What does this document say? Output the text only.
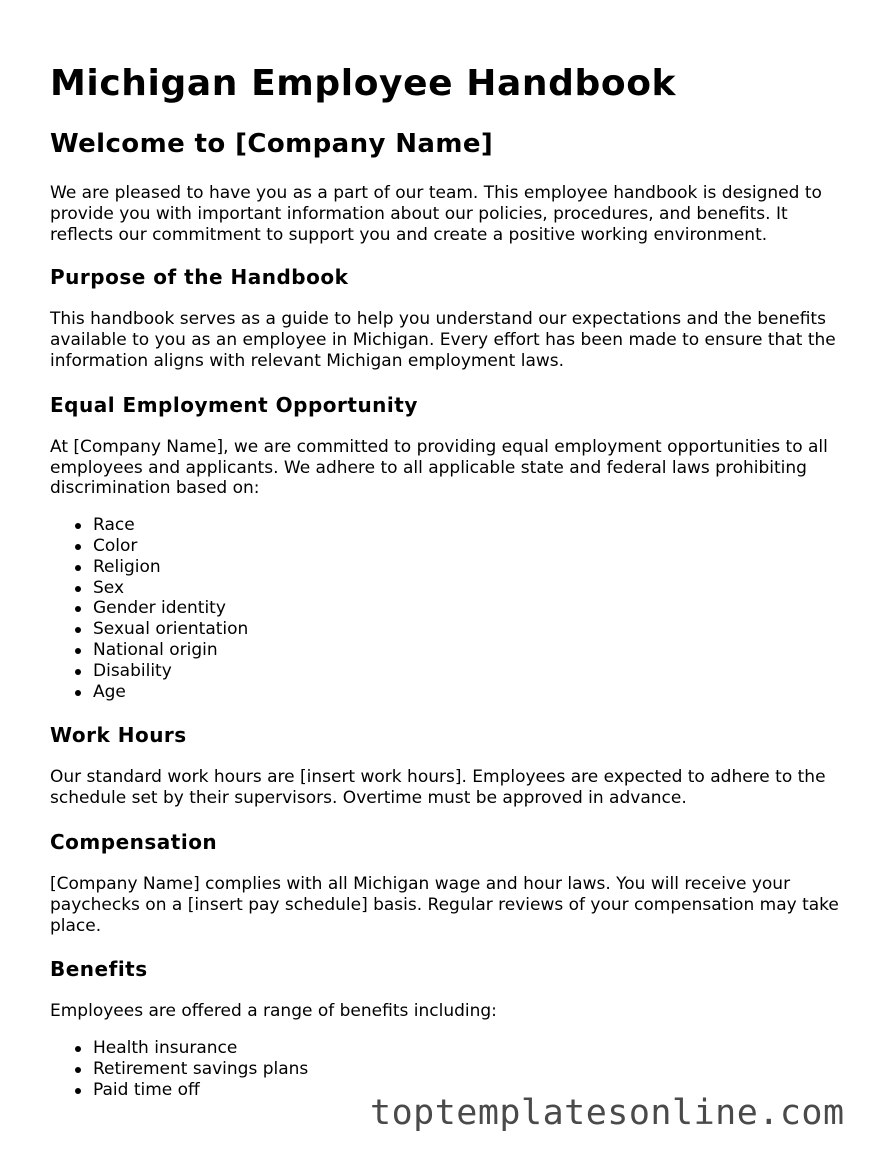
Michigan Employee Handbook
Welcome to [Company Name]

We are pleased to have you as a part of our team. This employee handbook is designed to provide you with important information about our policies, procedures, and benefits. It reflects our commitment to support you and create a positive working environment.

Purpose of the Handbook

This handbook serves as a guide to help you understand our expectations and the benefits available to you as an employee in Michigan. Every effort has been made to ensure that the information aligns with relevant Michigan employment laws.

Equal Employment Opportunity

At [Company Name], we are committed to providing equal employment opportunities to all employees and applicants. We adhere to all applicable state and federal laws prohibiting discrimination based on:

Race
Color
Religion
Sex
Gender identity
Sexual orientation
National origin
Disability
Age
Work Hours

Our standard work hours are [insert work hours]. Employees are expected to adhere to the schedule set by their supervisors. Overtime must be approved in advance.

Compensation

[Company Name] complies with all Michigan wage and hour laws. You will receive your paychecks on a [insert pay schedule] basis. Regular reviews of your compensation may take place.

Benefits

Employees are offered a range of benefits including:

Health insurance
Retirement savings plans
Paid time off
toptemplatesonline.com
